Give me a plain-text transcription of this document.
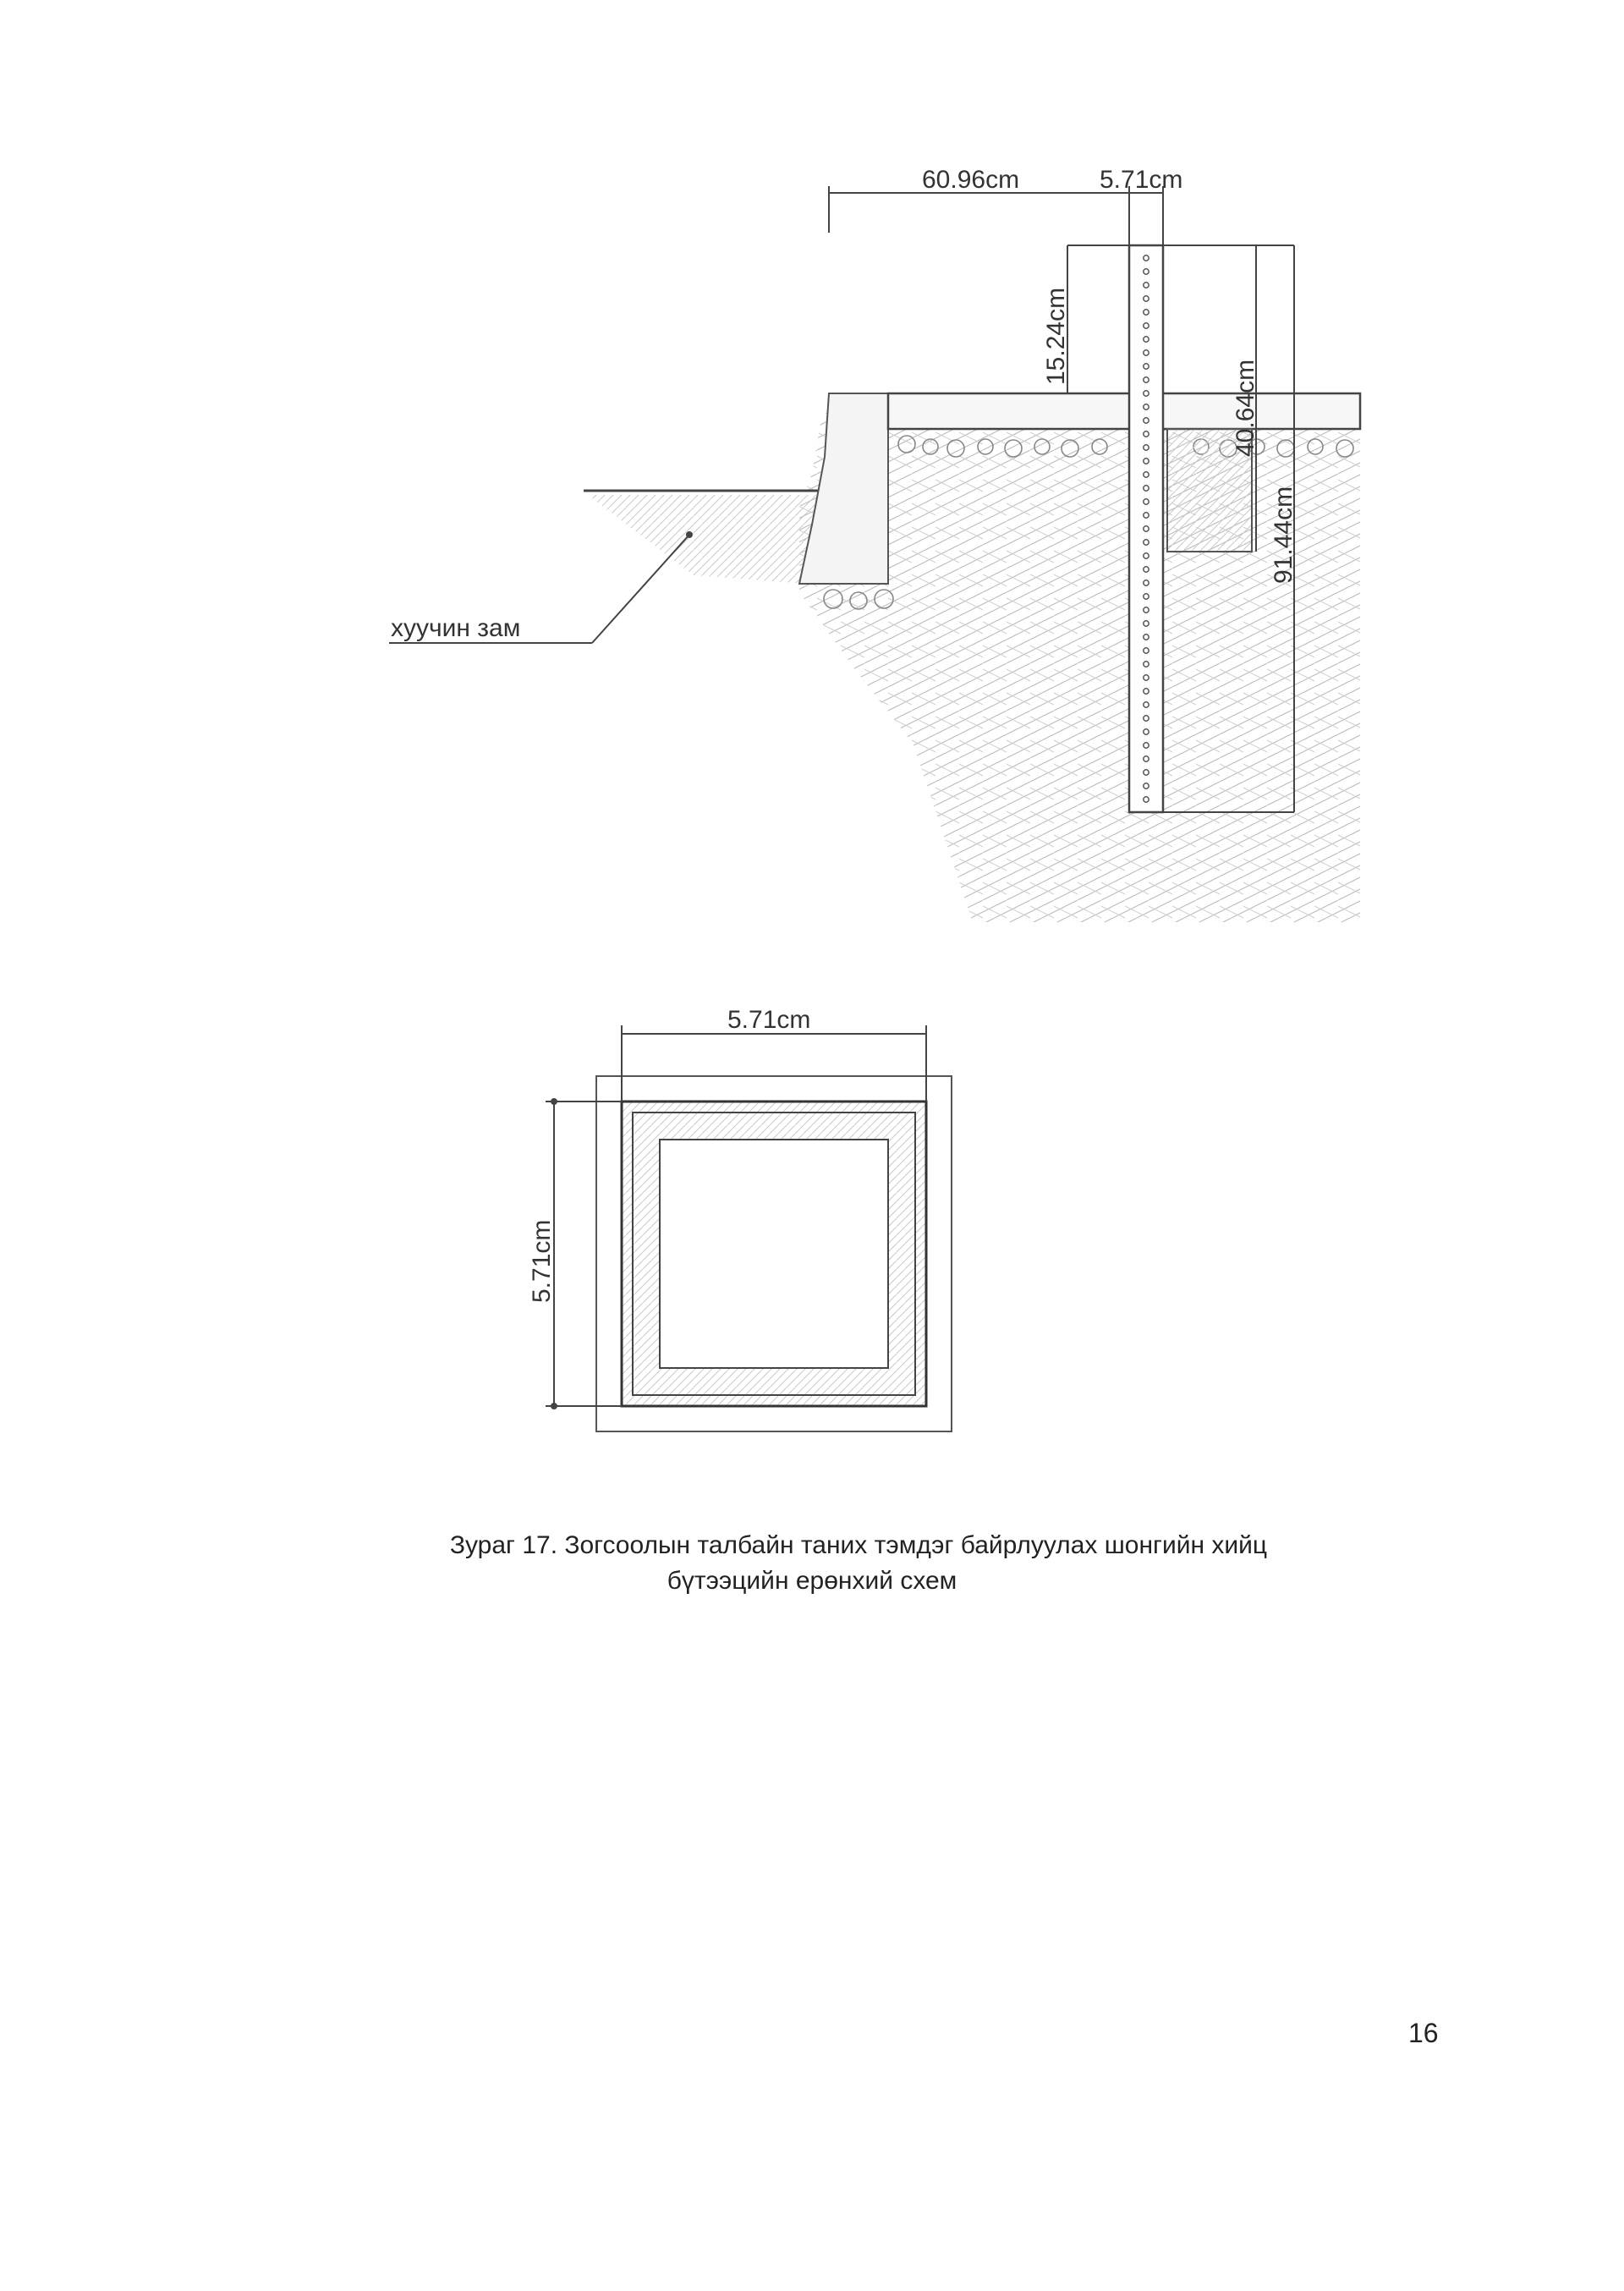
60.96cm	5.71cm
15.24cm
40.64cm
91.44cm
хуучин зам
5.71cm
5.71cm
Зураг 17. Зогсоолын талбайн таних тэмдэг байрлуулах шонгийн хийц
бүтээцийн ерөнхий схем
16
